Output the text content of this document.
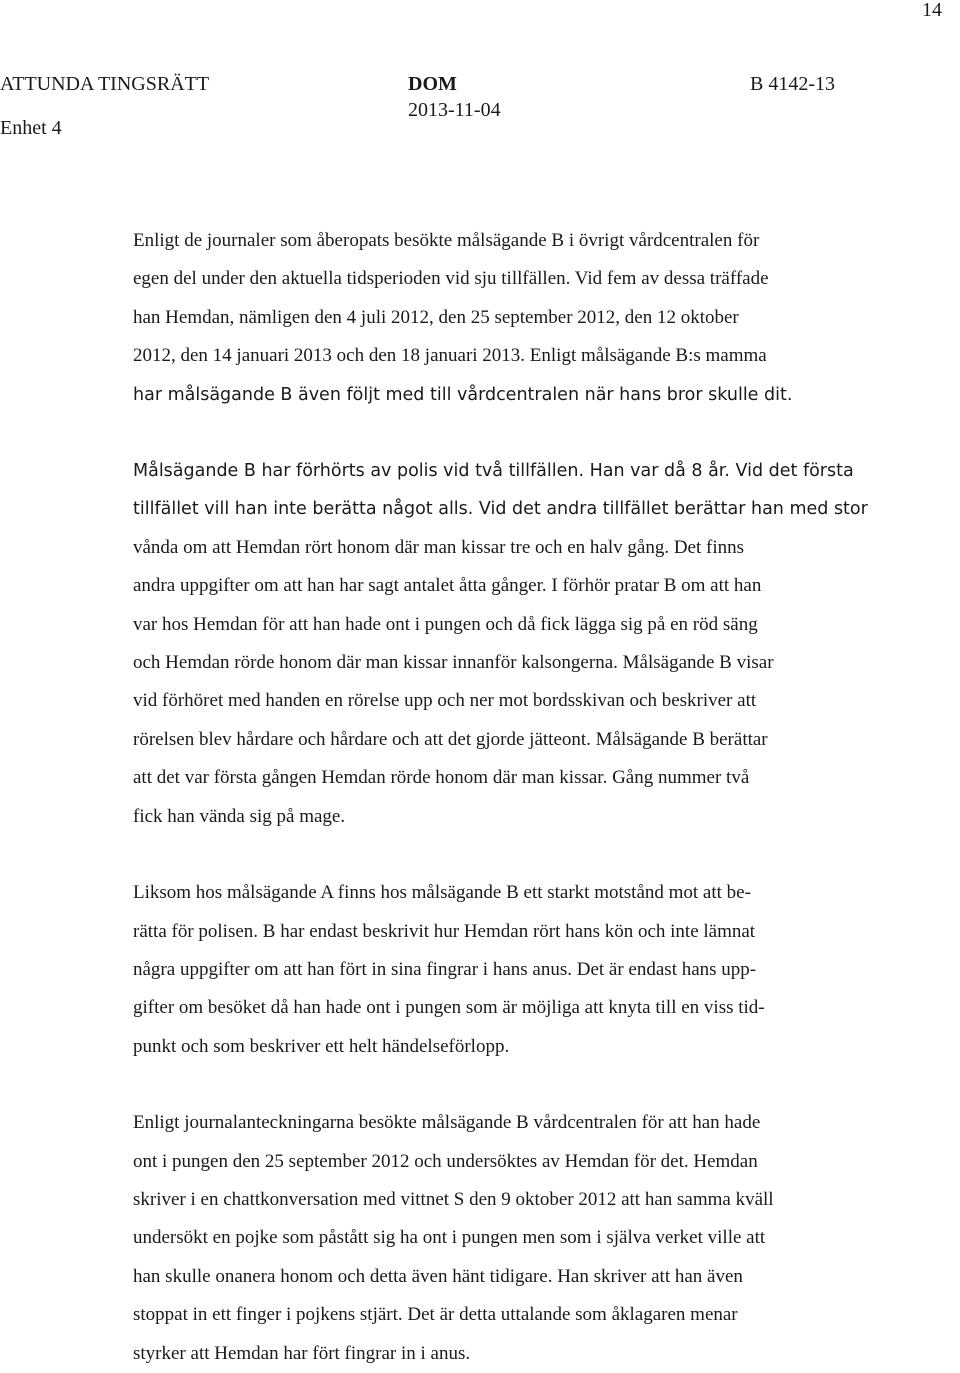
14
ATTUNDA TINGSRÄTT
Enhet 4
DOM
2013-11-04
B 4142-13

Enligt de journaler som åberopats besökte målsägande B i övrigt vårdcentralen för

egen del under den aktuella tidsperioden vid sju tillfällen. Vid fem av dessa träffade

han Hemdan, nämligen den 4 juli 2012, den 25 september 2012, den 12 oktober

2012, den 14 januari 2013 och den 18 januari 2013. Enligt målsägande B:s mamma

har målsägande B även följt med till vårdcentralen när hans bror skulle dit.

Målsägande B har förhörts av polis vid två tillfällen. Han var då 8 år. Vid det första

tillfället vill han inte berätta något alls. Vid det andra tillfället berättar han med stor

vånda om att Hemdan rört honom där man kissar tre och en halv gång. Det finns

andra uppgifter om att han har sagt antalet åtta gånger. I förhör pratar B om att han

var hos Hemdan för att han hade ont i pungen och då fick lägga sig på en röd säng

och Hemdan rörde honom där man kissar innanför kalsongerna. Målsägande B visar

vid förhöret med handen en rörelse upp och ner mot bordsskivan och beskriver att

rörelsen blev hårdare och hårdare och att det gjorde jätteont. Målsägande B berättar

att det var första gången Hemdan rörde honom där man kissar. Gång nummer två

fick han vända sig på mage.

Liksom hos målsägande A finns hos målsägande B ett starkt motstånd mot att be-

rätta för polisen. B har endast beskrivit hur Hemdan rört hans kön och inte lämnat

några uppgifter om att han fört in sina fingrar i hans anus. Det är endast hans upp-

gifter om besöket då han hade ont i pungen som är möjliga att knyta till en viss tid-

punkt och som beskriver ett helt händelseförlopp.

Enligt journalanteckningarna besökte målsägande B vårdcentralen för att han hade

ont i pungen den 25 september 2012 och undersöktes av Hemdan för det. Hemdan

skriver i en chattkonversation med vittnet S den 9 oktober 2012 att han samma kväll

undersökt en pojke som påstått sig ha ont i pungen men som i själva verket ville att

han skulle onanera honom och detta även hänt tidigare. Han skriver att han även

stoppat in ett finger i pojkens stjärt. Det är detta uttalande som åklagaren menar

styrker att Hemdan har fört fingrar in i anus.
